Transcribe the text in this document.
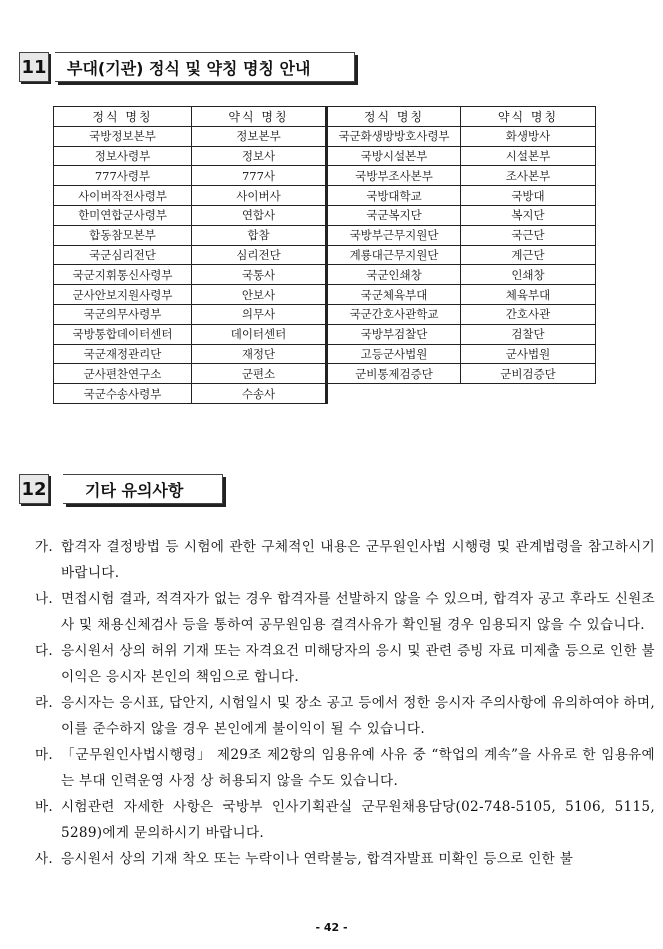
11	부대(기관) 정식 및 약칭 명칭 안내
정식 명칭	약식 명칭	정식 명칭	약식 명칭
국방정보본부	정보본부	국군화생방방호사령부	화생방사
정보사령부	정보사	국방시설본부	시설본부
777사령부	777사	국방부조사본부	조사본부
사이버작전사령부	사이버사	국방대학교	국방대
한미연합군사령부	연합사	국군복지단	복지단
합동참모본부	합참	국방부근무지원단	국근단
국군심리전단	심리전단	계룡대근무지원단	계근단
국군지휘통신사령부	국통사	국군인쇄창	인쇄창
군사안보지원사령부	안보사	국군체육부대	체육부대
국군의무사령부	의무사	국군간호사관학교	간호사관
국방통합데이터센터	데이터센터	국방부검찰단	검찰단
국군재정관리단	재정단	고등군사법원	군사법원
군사편찬연구소	군편소	군비통제검증단	군비검증단
국군수송사령부	수송사		
12	기타 유의사항
가. 합격자 결정방법 등 시험에 관한 구체적인 내용은 군무원인사법 시행령 및 관계법령을 참고하시기 바랍니다.
나. 면접시험 결과, 적격자가 없는 경우 합격자를 선발하지 않을 수 있으며, 합격자 공고 후라도 신원조사 및 채용신체검사 등을 통하여 공무원임용 결격사유가 확인될 경우 임용되지 않을 수 있습니다.
다. 응시원서 상의 허위 기재 또는 자격요건 미해당자의 응시 및 관련 증빙 자료 미제출 등으로 인한 불이익은 응시자 본인의 책임으로 합니다.
라. 응시자는 응시표, 답안지, 시험일시 및 장소 공고 등에서 정한 응시자 주의사항에 유의하여야 하며, 이를 준수하지 않을 경우 본인에게 불이익이 될 수 있습니다.
마. 「군무원인사법시행령」 제29조 제2항의 임용유예 사유 중 “학업의 계속”을 사유로 한 임용유예는 부대 인력운영 사정 상 허용되지 않을 수도 있습니다.
바. 시험관련 자세한 사항은 국방부 인사기획관실 군무원채용담당(02-748-5105, 5106, 5115, 5289)에게 문의하시기 바랍니다.
사. 응시원서 상의 기재 착오 또는 누락이나 연락불능, 합격자발표 미확인 등으로 인한 불
- 42 -
